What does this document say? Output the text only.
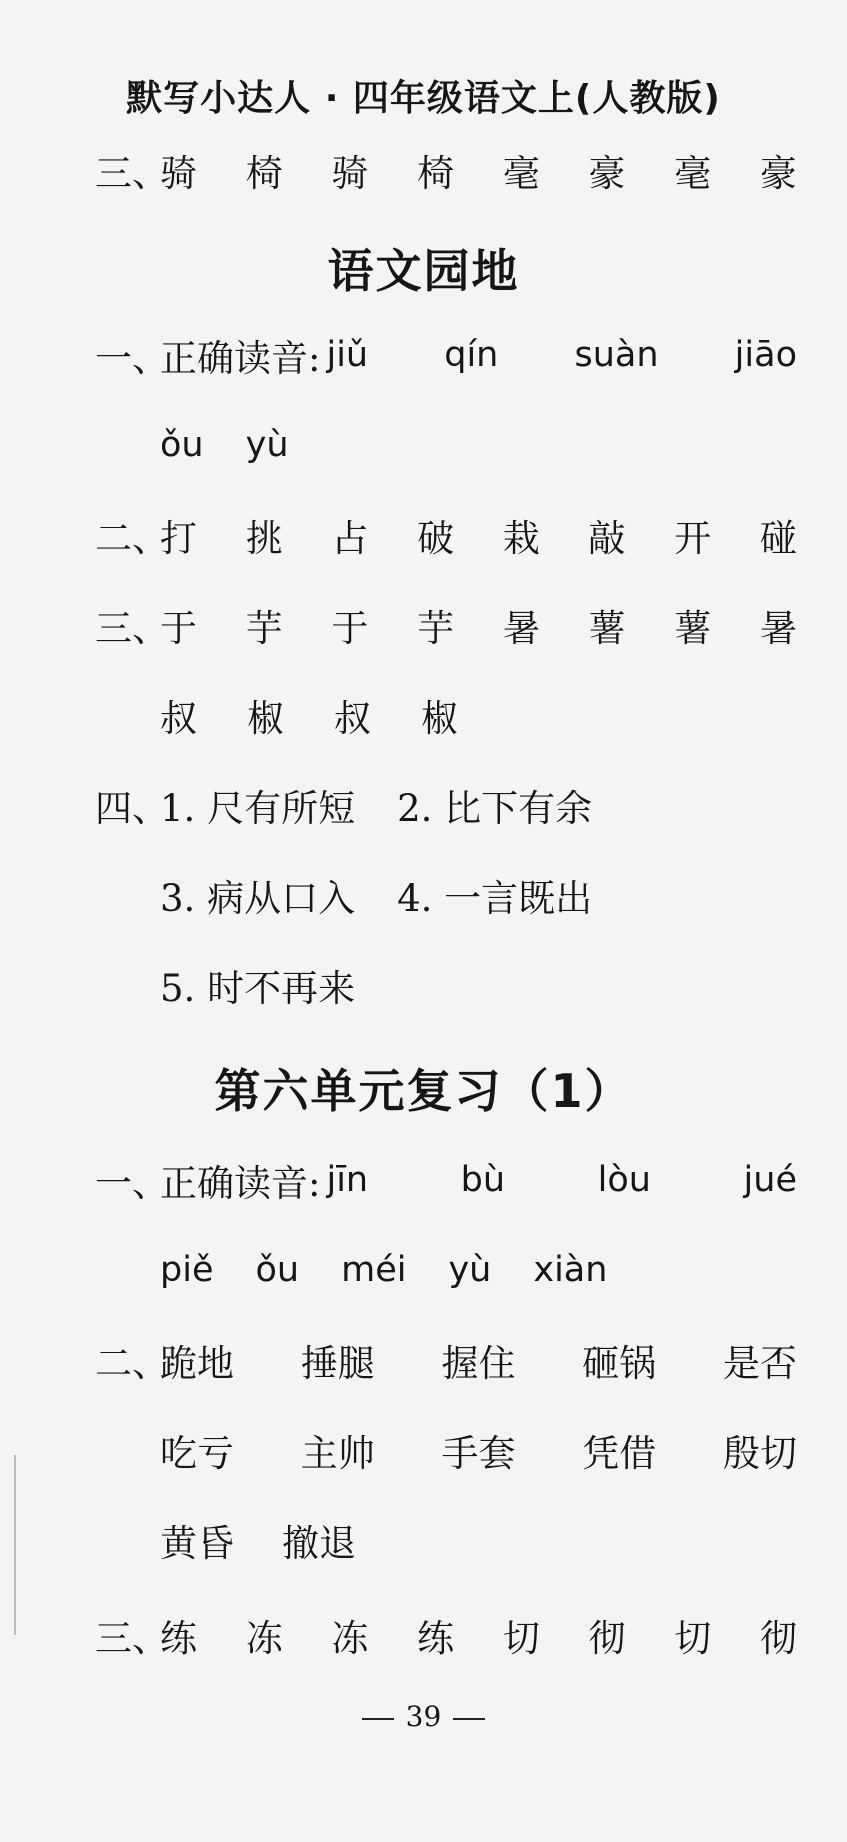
默写小达人 · 四年级语文上(人教版)
三、
骑 椅 骑 椅 毫 豪 毫 豪
语文园地
一、
正确读音: jiǔ qín suàn jiāo
ǒu yù
二、
打 挑 占 破 栽 敲 开 碰
三、
于 芋 于 芋 暑 薯 薯 暑
叔 椒 叔 椒
四、
1. 尺有所短 2. 比下有余
3. 病从口入 4. 一言既出
5. 时不再来
第六单元复习（1）
一、
正确读音: jīn	bù	lòu	jué
piě ǒu méi yù xiàn
二、
跪地 捶腿 握住 砸锅 是否
吃亏 主帅 手套 凭借 殷切
黄昏 撤退
三、
练 冻 冻 练 切 彻 切 彻
39
